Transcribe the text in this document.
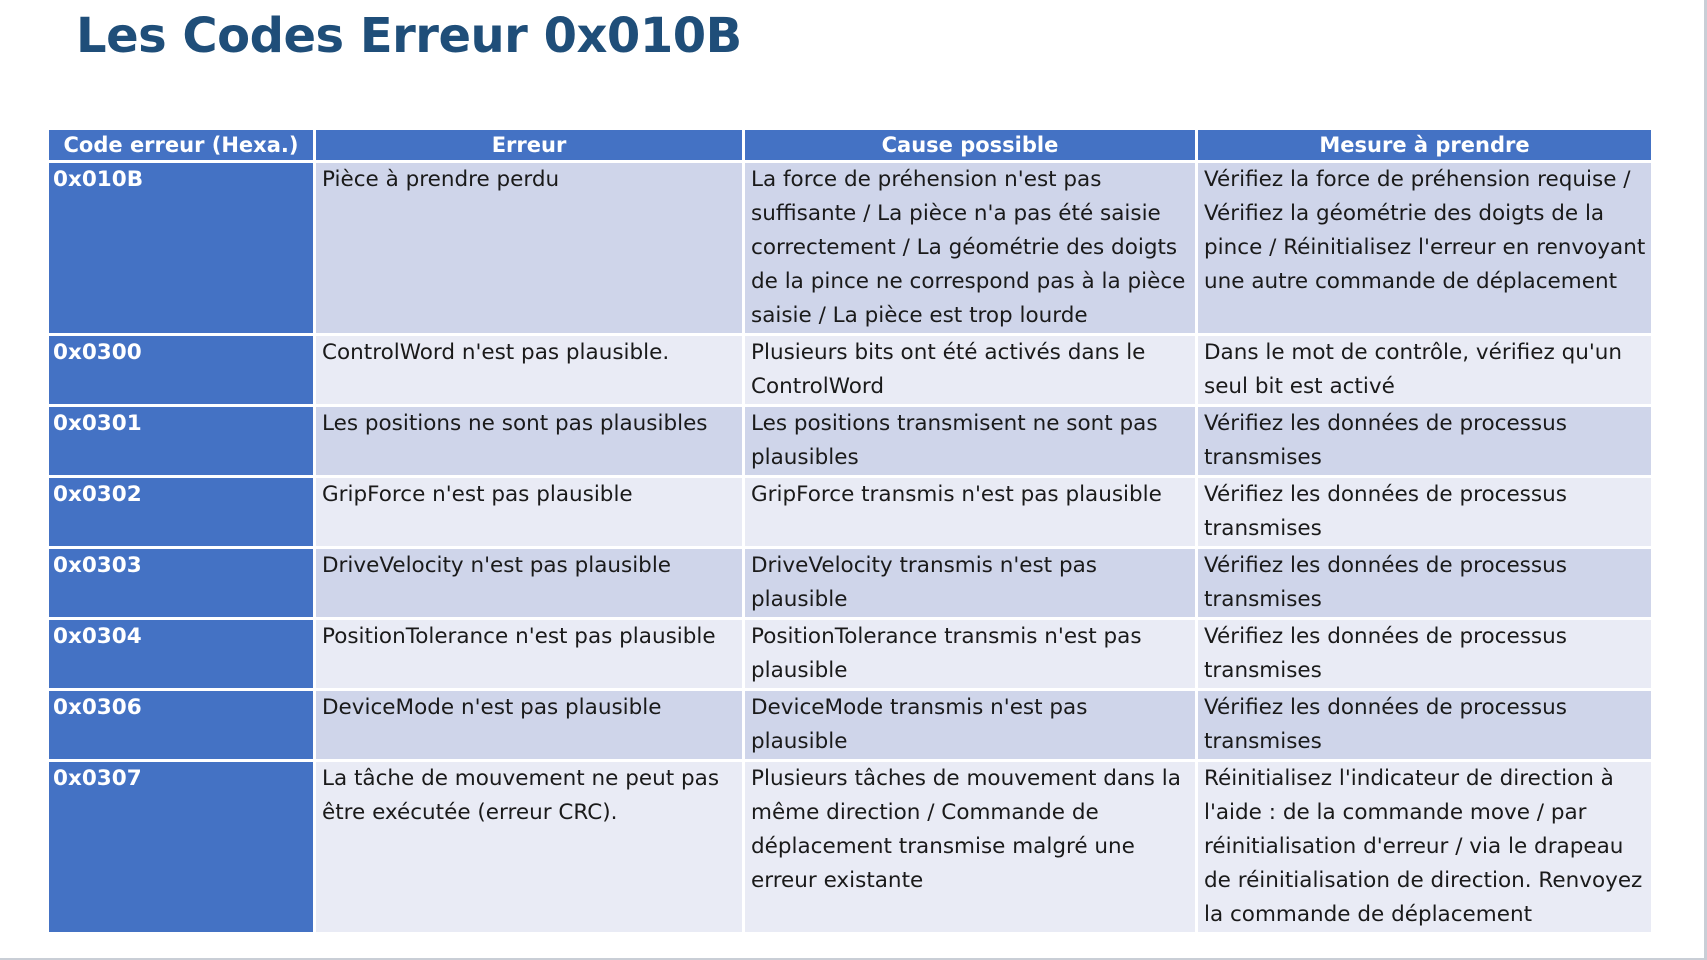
Les Codes Erreur 0x010B
Code erreur (Hexa.)	Erreur	Cause possible	Mesure à prendre
0x010B	Pièce à prendre perdu	La force de préhension n'est pas suffisante / La pièce n'a pas été saisie correctement / La géométrie des doigts de la pince ne correspond pas à la pièce saisie / La pièce est trop lourde	Vérifiez la force de préhension requise / Vérifiez la géométrie des doigts de la pince / Réinitialisez l'erreur en renvoyant une autre commande de déplacement
0x0300	ControlWord n'est pas plausible.	Plusieurs bits ont été activés dans le ControlWord	Dans le mot de contrôle, vérifiez qu'un seul bit est activé
0x0301	Les positions ne sont pas plausibles	Les positions transmisent ne sont pas plausibles	Vérifiez les données de processus transmises
0x0302	GripForce n'est pas plausible	GripForce transmis n'est pas plausible	Vérifiez les données de processus transmises
0x0303	DriveVelocity n'est pas plausible	DriveVelocity transmis n'est pas plausible	Vérifiez les données de processus transmises
0x0304	PositionTolerance n'est pas plausible	PositionTolerance transmis n'est pas plausible	Vérifiez les données de processus transmises
0x0306	DeviceMode n'est pas plausible	DeviceMode transmis n'est pas plausible	Vérifiez les données de processus transmises
0x0307	La tâche de mouvement ne peut pas être exécutée (erreur CRC).	Plusieurs tâches de mouvement dans la même direction / Commande de déplacement transmise malgré une erreur existante	Réinitialisez l'indicateur de direction à l'aide : de la commande move / par réinitialisation d'erreur / via le drapeau de réinitialisation de direction. Renvoyez la commande de déplacement
